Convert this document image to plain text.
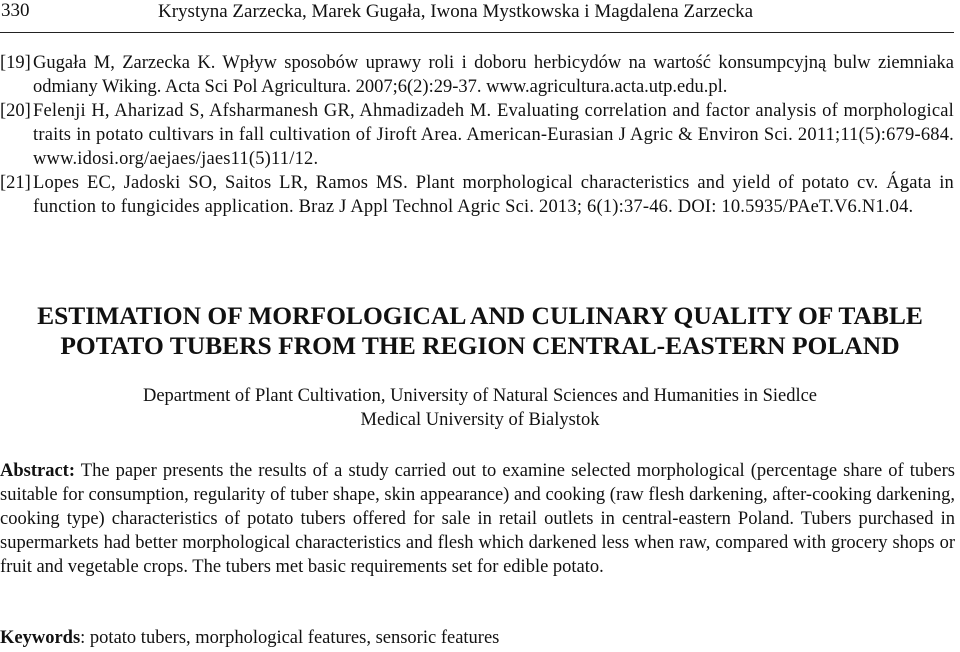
330	Krystyna Zarzecka, Marek Gugała, Iwona Mystkowska i Magdalena Zarzecka
[19] Gugała M, Zarzecka K. Wpływ sposobów uprawy roli i doboru herbicydów na wartość konsumpcyjną bulw ziemniaka odmiany Wiking. Acta Sci Pol Agricultura. 2007;6(2):29-37. www.agricultura.acta.utp.edu.pl.
[20] Felenji H, Aharizad S, Afsharmanesh GR, Ahmadizadeh M. Evaluating correlation and factor analysis of morphological traits in potato cultivars in fall cultivation of Jiroft Area. American-Eurasian J Agric & Environ Sci. 2011;11(5):679-684. www.idosi.org/aejaes/jaes11(5)11/12.
[21] Lopes EC, Jadoski SO, Saitos LR, Ramos MS. Plant morphological characteristics and yield of potato cv. Ágata in function to fungicides application. Braz J Appl Technol Agric Sci. 2013; 6(1):37-46. DOI: 10.5935/PAeT.V6.N1.04.
ESTIMATION OF MORFOLOGICAL AND CULINARY QUALITY OF TABLE
POTATO TUBERS FROM THE REGION CENTRAL-EASTERN POLAND
Department of Plant Cultivation, University of Natural Sciences and Humanities in Siedlce
Medical University of Bialystok
Abstract: The paper presents the results of a study carried out to examine selected morphological (percentage share of tubers suitable for consumption, regularity of tuber shape, skin appearance) and cooking (raw flesh darkening, after-cooking darkening, cooking type) characteristics of potato tubers offered for sale in retail outlets in central-eastern Poland. Tubers purchased in supermarkets had better morphological characteristics and flesh which darkened less when raw, compared with grocery shops or fruit and vegetable crops. The tubers met basic requirements set for edible potato.
Keywords: potato tubers, morphological features, sensoric features
